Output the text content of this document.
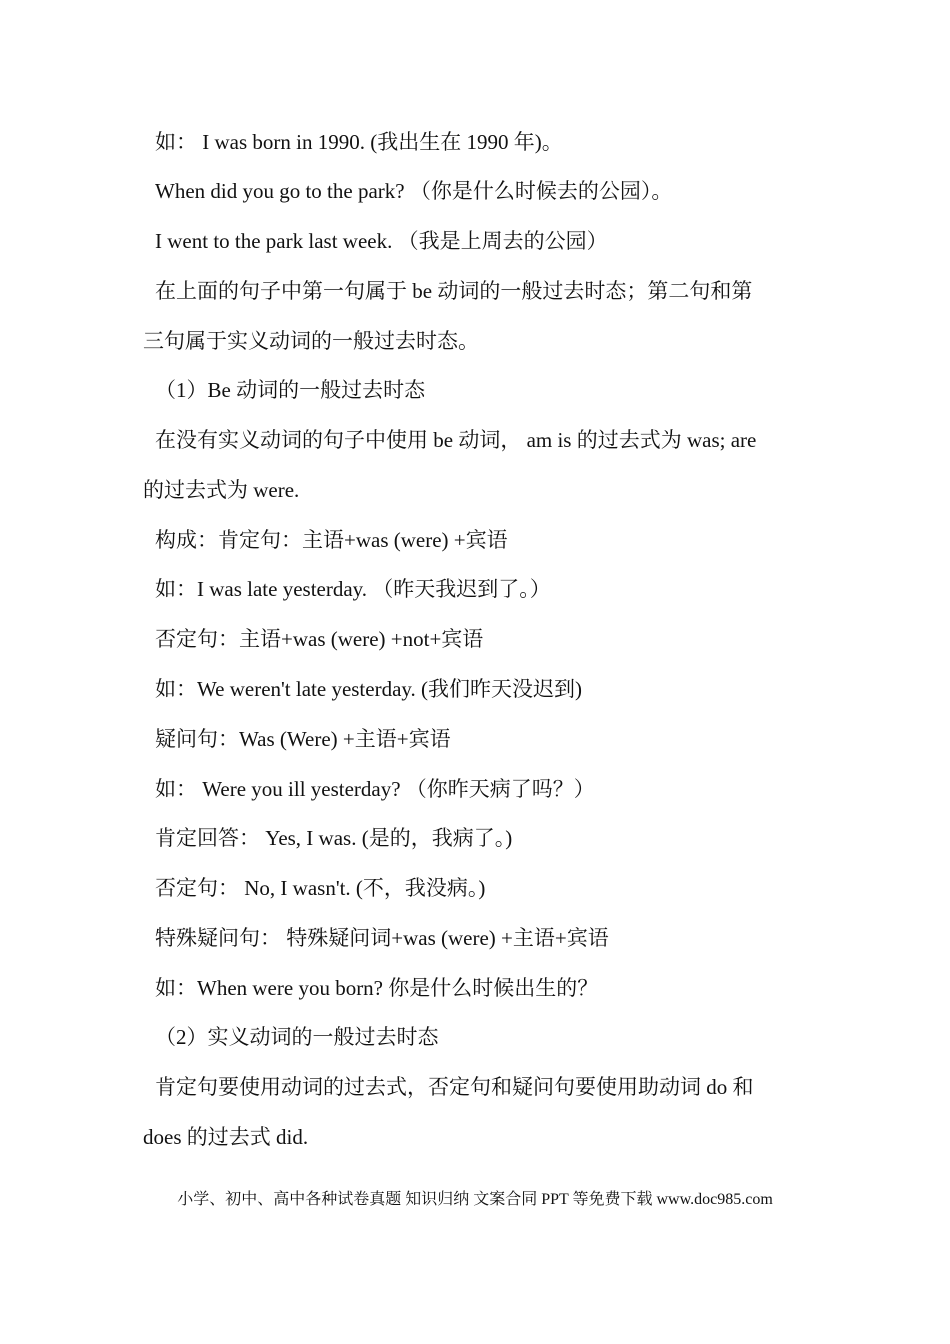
如： I was born in 1990. (我出生在 1990 年)。
When did you go to the park? （你是什么时候去的公园）。
I went to the park last week. （我是上周去的公园）
在上面的句子中第一句属于 be 动词的一般过去时态；第二句和第
三句属于实义动词的一般过去时态。
（1）Be 动词的一般过去时态
在没有实义动词的句子中使用 be 动词， am is 的过去式为 was; are
的过去式为 were.
构成：肯定句：主语+was (were) +宾语
如：I was late yesterday. （昨天我迟到了。）
否定句：主语+was (were) +not+宾语
如：We weren't late yesterday. (我们昨天没迟到)
疑问句：Was (Were) +主语+宾语
如： Were you ill yesterday? （你昨天病了吗？）
肯定回答： Yes, I was. (是的，我病了。)
否定句： No, I wasn't. (不，我没病。)
特殊疑问句： 特殊疑问词+was (were) +主语+宾语
如：When were you born? 你是什么时候出生的？
（2）实义动词的一般过去时态
肯定句要使用动词的过去式，否定句和疑问句要使用助动词 do 和
does 的过去式 did.
小学、初中、高中各种试卷真题 知识归纳 文案合同 PPT 等免费下载 www.doc985.com
